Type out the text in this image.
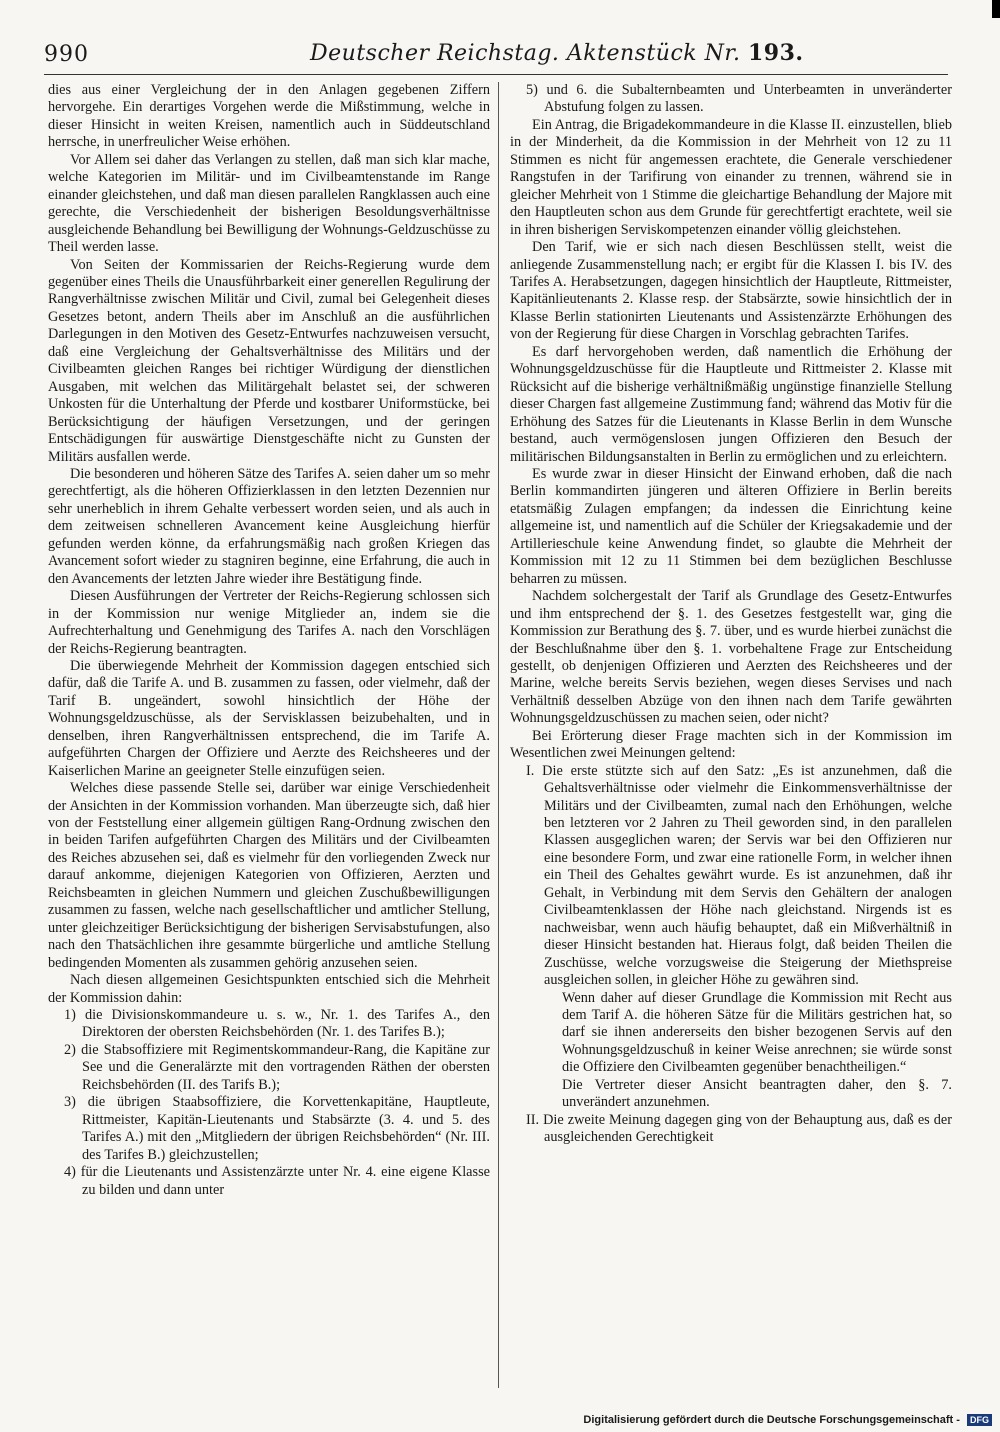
990	Deutscher Reichstag. Aktenstück Nr. 193.

dies aus einer Vergleichung der in den Anlagen gegebenen Ziffern hervorgehe. Ein derartiges Vorgehen werde die Mißstimmung, welche in dieser Hinsicht in weiten Kreisen, namentlich auch in Süddeutschland herrsche, in unerfreulicher Weise erhöhen.

Vor Allem sei daher das Verlangen zu stellen, daß man sich klar mache, welche Kategorien im Militär- und im Civilbeamtenstande im Range einander gleichstehen, und daß man diesen parallelen Rangklassen auch eine gerechte, die Verschiedenheit der bisherigen Besoldungsverhältnisse ausgleichende Behandlung bei Bewilligung der Wohnungs-Geldzuschüsse zu Theil werden lasse.

Von Seiten der Kommissarien der Reichs-Regierung wurde dem gegenüber eines Theils die Unausführbarkeit einer generellen Regulirung der Rangverhältnisse zwischen Militär und Civil, zumal bei Gelegenheit dieses Gesetzes betont, andern Theils aber im Anschluß an die ausführlichen Darlegungen in den Motiven des Gesetz-Entwurfes nachzuweisen versucht, daß eine Vergleichung der Gehaltsverhältnisse des Militärs und der Civilbeamten gleichen Ranges bei richtiger Würdigung der dienstlichen Ausgaben, mit welchen das Militärgehalt belastet sei, der schweren Unkosten für die Unterhaltung der Pferde und kostbarer Uniformstücke, bei Berücksichtigung der häufigen Versetzungen, und der geringen Entschädigungen für auswärtige Dienstgeschäfte nicht zu Gunsten der Militärs ausfallen werde.

Die besonderen und höheren Sätze des Tarifes A. seien daher um so mehr gerechtfertigt, als die höheren Offizierklassen in den letzten Dezennien nur sehr unerheblich in ihrem Gehalte verbessert worden seien, und als auch in dem zeitweisen schnelleren Avancement keine Ausgleichung hierfür gefunden werden könne, da erfahrungsmäßig nach großen Kriegen das Avancement sofort wieder zu stagniren beginne, eine Erfahrung, die auch in den Avancements der letzten Jahre wieder ihre Bestätigung finde.

Diesen Ausführungen der Vertreter der Reichs-Regierung schlossen sich in der Kommission nur wenige Mitglieder an, indem sie die Aufrechterhaltung und Genehmigung des Tarifes A. nach den Vorschlägen der Reichs-Regierung beantragten.

Die überwiegende Mehrheit der Kommission dagegen entschied sich dafür, daß die Tarife A. und B. zusammen zu fassen, oder vielmehr, daß der Tarif B. ungeändert, sowohl hinsichtlich der Höhe der Wohnungsgeldzuschüsse, als der Servisklassen beizubehalten, und in denselben, ihren Rangverhältnissen entsprechend, die im Tarife A. aufgeführten Chargen der Offiziere und Aerzte des Reichsheeres und der Kaiserlichen Marine an geeigneter Stelle einzufügen seien.

Welches diese passende Stelle sei, darüber war einige Verschiedenheit der Ansichten in der Kommission vorhanden. Man überzeugte sich, daß hier von der Feststellung einer allgemein gültigen Rang-Ordnung zwischen den in beiden Tarifen aufgeführten Chargen des Militärs und der Civilbeamten des Reiches abzusehen sei, daß es vielmehr für den vorliegenden Zweck nur darauf ankomme, diejenigen Kategorien von Offizieren, Aerzten und Reichsbeamten in gleichen Nummern und gleichen Zuschußbewilligungen zusammen zu fassen, welche nach gesellschaftlicher und amtlicher Stellung, unter gleichzeitiger Berücksichtigung der bisherigen Servisabstufungen, also nach den Thatsächlichen ihre gesammte bürgerliche und amtliche Stellung bedingenden Momenten als zusammen gehörig anzusehen seien.

Nach diesen allgemeinen Gesichtspunkten entschied sich die Mehrheit der Kommission dahin:

1) die Divisionskommandeure u. s. w., Nr. 1. des Tarifes A., den Direktoren der obersten Reichsbehörden (Nr. 1. des Tarifes B.);

2) die Stabsoffiziere mit Regimentskommandeur-Rang, die Kapitäne zur See und die Generalärzte mit den vortragenden Räthen der obersten Reichsbehörden (II. des Tarifs B.);

3) die übrigen Staabsoffiziere, die Korvettenkapitäne, Hauptleute, Rittmeister, Kapitän-Lieutenants und Stabsärzte (3. 4. und 5. des Tarifes A.) mit den „Mitgliedern der übrigen Reichsbehörden“ (Nr. III. des Tarifes B.) gleichzustellen;

4) für die Lieutenants und Assistenzärzte unter Nr. 4. eine eigene Klasse zu bilden und dann unter

5) und 6. die Subalternbeamten und Unterbeamten in unveränderter Abstufung folgen zu lassen.

Ein Antrag, die Brigadekommandeure in die Klasse II. einzustellen, blieb in der Minderheit, da die Kommission in der Mehrheit von 12 zu 11 Stimmen es nicht für angemessen erachtete, die Generale verschiedener Rangstufen in der Tarifirung von einander zu trennen, während sie in gleicher Mehrheit von 1 Stimme die gleichartige Behandlung der Majore mit den Hauptleuten schon aus dem Grunde für gerechtfertigt erachtete, weil sie in ihren bisherigen Serviskompetenzen einander völlig gleichstehen.

Den Tarif, wie er sich nach diesen Beschlüssen stellt, weist die anliegende Zusammenstellung nach; er ergibt für die Klassen I. bis IV. des Tarifes A. Herabsetzungen, dagegen hinsichtlich der Hauptleute, Rittmeister, Kapitänlieutenants 2. Klasse resp. der Stabsärzte, sowie hinsichtlich der in Klasse Berlin stationirten Lieutenants und Assistenzärzte Erhöhungen des von der Regierung für diese Chargen in Vorschlag gebrachten Tarifes.

Es darf hervorgehoben werden, daß namentlich die Erhöhung der Wohnungsgeldzuschüsse für die Hauptleute und Rittmeister 2. Klasse mit Rücksicht auf die bisherige verhältnißmäßig ungünstige finanzielle Stellung dieser Chargen fast allgemeine Zustimmung fand; während das Motiv für die Erhöhung des Satzes für die Lieutenants in Klasse Berlin in dem Wunsche bestand, auch vermögenslosen jungen Offizieren den Besuch der militärischen Bildungsanstalten in Berlin zu ermöglichen und zu erleichtern.

Es wurde zwar in dieser Hinsicht der Einwand erhoben, daß die nach Berlin kommandirten jüngeren und älteren Offiziere in Berlin bereits etatsmäßig Zulagen empfangen; da indessen die Einrichtung keine allgemeine ist, und namentlich auf die Schüler der Kriegsakademie und der Artillerieschule keine Anwendung findet, so glaubte die Mehrheit der Kommission mit 12 zu 11 Stimmen bei dem bezüglichen Beschlusse beharren zu müssen.

Nachdem solchergestalt der Tarif als Grundlage des Gesetz-Entwurfes und ihm entsprechend der §. 1. des Gesetzes festgestellt war, ging die Kommission zur Berathung des §. 7. über, und es wurde hierbei zunächst die der Beschlußnahme über den §. 1. vorbehaltene Frage zur Entscheidung gestellt, ob denjenigen Offizieren und Aerzten des Reichsheeres und der Marine, welche bereits Servis beziehen, wegen dieses Servises und nach Verhältniß desselben Abzüge von den ihnen nach dem Tarife gewährten Wohnungsgeldzuschüssen zu machen seien, oder nicht?

Bei Erörterung dieser Frage machten sich in der Kommission im Wesentlichen zwei Meinungen geltend:

I. Die erste stützte sich auf den Satz: „Es ist anzunehmen, daß die Gehaltsverhältnisse oder vielmehr die Einkommensverhältnisse der Militärs und der Civilbeamten, zumal nach den Erhöhungen, welche ben letzteren vor 2 Jahren zu Theil geworden sind, in den parallelen Klassen ausgeglichen waren; der Servis war bei den Offizieren nur eine besondere Form, und zwar eine rationelle Form, in welcher ihnen ein Theil des Gehaltes gewährt wurde. Es ist anzunehmen, daß ihr Gehalt, in Verbindung mit dem Servis den Gehältern der analogen Civilbeamtenklassen der Höhe nach gleichstand. Nirgends ist es nachweisbar, wenn auch häufig behauptet, daß ein Mißverhältniß in dieser Hinsicht bestanden hat. Hieraus folgt, daß beiden Theilen die Zuschüsse, welche vorzugsweise die Steigerung der Miethspreise ausgleichen sollen, in gleicher Höhe zu gewähren sind.

Wenn daher auf dieser Grundlage die Kommission mit Recht aus dem Tarif A. die höheren Sätze für die Militärs gestrichen hat, so darf sie ihnen andererseits den bisher bezogenen Servis auf den Wohnungsgeldzuschuß in keiner Weise anrechnen; sie würde sonst die Offiziere den Civilbeamten gegenüber benachtheiligen.“

Die Vertreter dieser Ansicht beantragten daher, den §. 7. unverändert anzunehmen.

II. Die zweite Meinung dagegen ging von der Behauptung aus, daß es der ausgleichenden Gerechtigkeit

Digitalisierung gefördert durch die Deutsche Forschungsgemeinschaft - DFG
